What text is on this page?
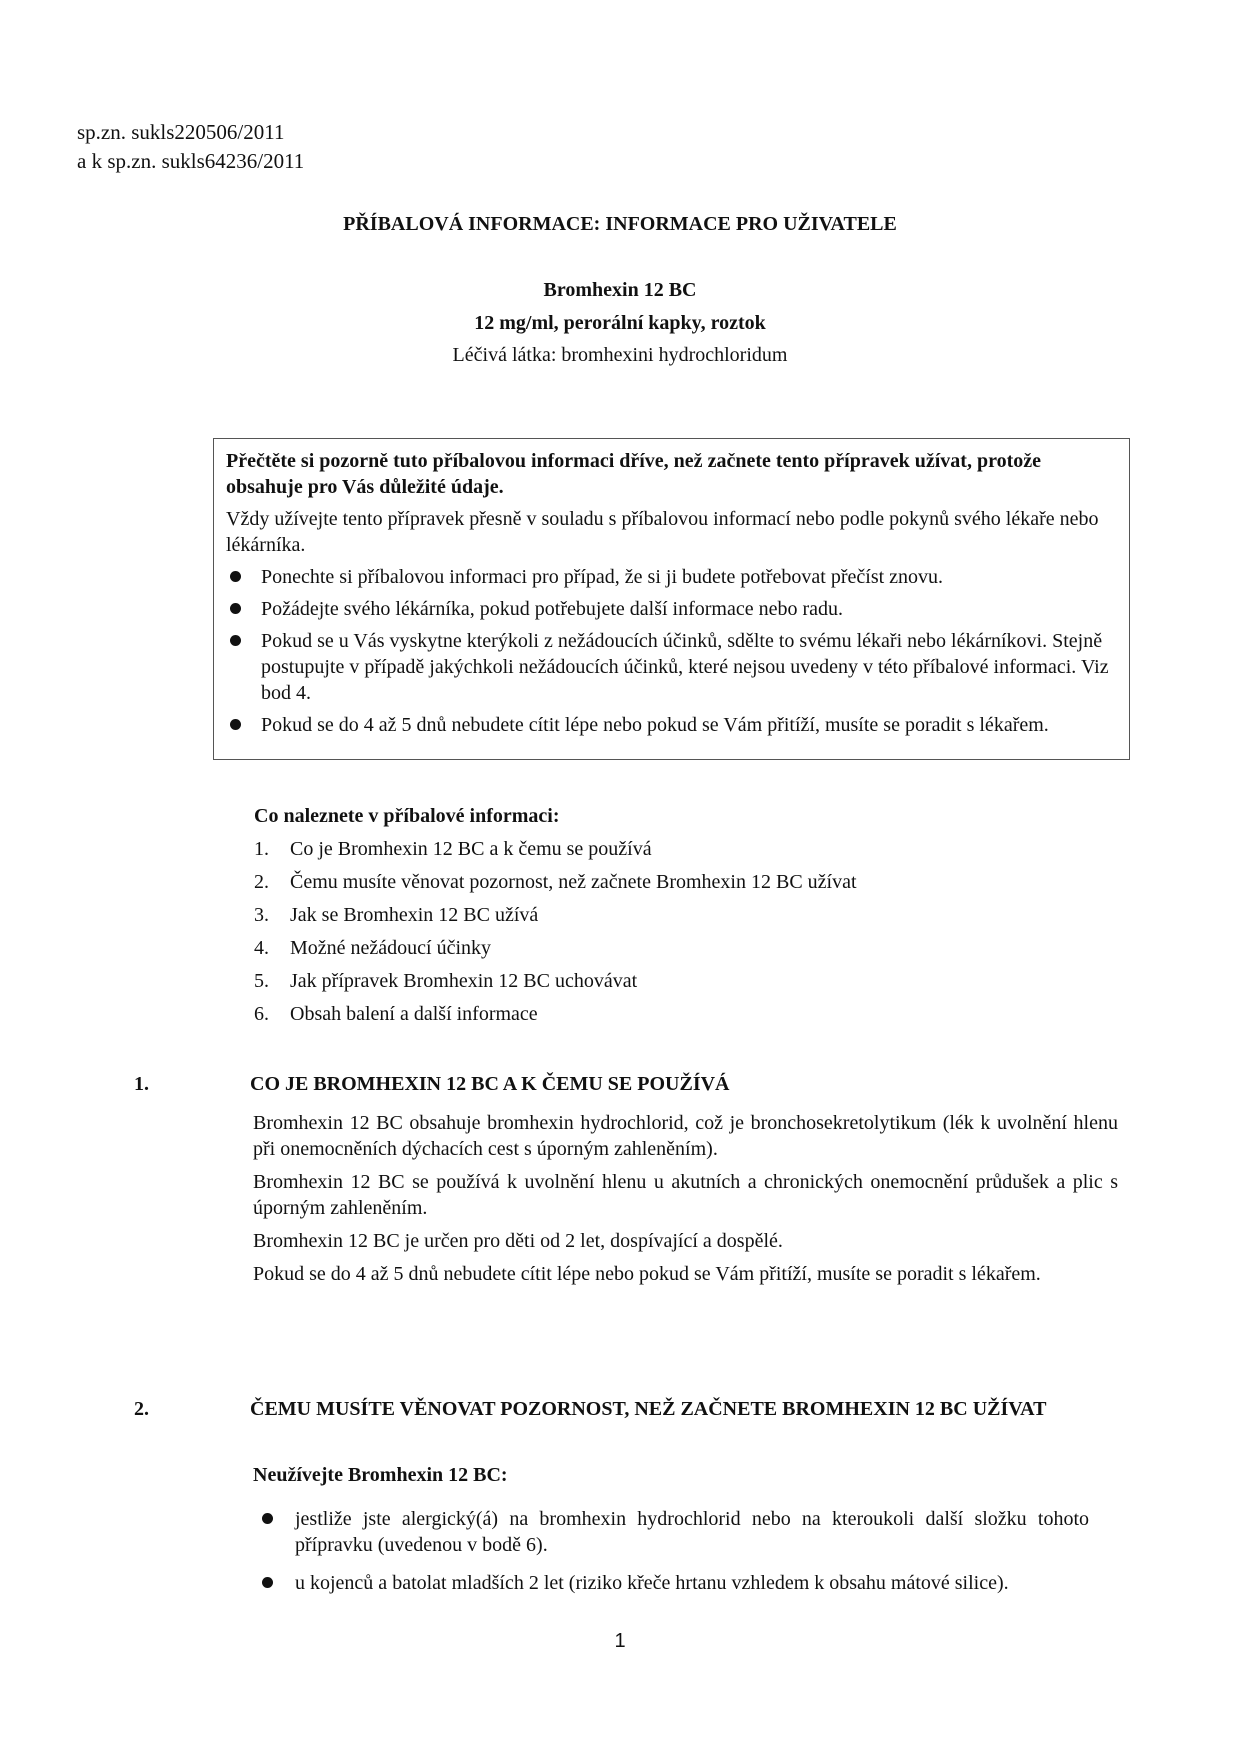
sp.zn. sukls220506/2011
a k sp.zn. sukls64236/2011
PŘÍBALOVÁ INFORMACE: INFORMACE PRO UŽIVATELE
Bromhexin 12 BC
12 mg/ml, perorální kapky, roztok
Léčivá látka: bromhexini hydrochloridum

Přečtěte si pozorně tuto příbalovou informaci dříve, než začnete tento přípravek užívat, protože obsahuje pro Vás důležité údaje.

Vždy užívejte tento přípravek přesně v souladu s příbalovou informací nebo podle pokynů svého lékaře nebo lékárníka.

Ponechte si příbalovou informaci pro případ, že si ji budete potřebovat přečíst znovu.
Požádejte svého lékárníka, pokud potřebujete další informace nebo radu.
Pokud se u Vás vyskytne kterýkoli z nežádoucích účinků, sdělte to svému lékaři nebo lékárníkovi. Stejně postupujte v případě jakýchkoli nežádoucích účinků, které nejsou uvedeny v této příbalové informaci. Viz bod 4.
Pokud se do 4 až 5 dnů nebudete cítit lépe nebo pokud se Vám přitíží, musíte se poradit s lékařem.
Co naleznete v příbalové informaci:
1. Co je Bromhexin 12 BC a k čemu se používá
2. Čemu musíte věnovat pozornost, než začnete Bromhexin 12 BC užívat
3. Jak se Bromhexin 12 BC užívá
4. Možné nežádoucí účinky
5. Jak přípravek Bromhexin 12 BC uchovávat
6. Obsah balení a další informace
1.	CO JE BROMHEXIN 12 BC A K ČEMU SE POUŽÍVÁ

Bromhexin 12 BC obsahuje bromhexin hydrochlorid, což je bronchosekretolytikum (lék k uvolnění hlenu při onemocněních dýchacích cest s úporným zahleněním).

Bromhexin 12 BC se používá k uvolnění hlenu u akutních a chronických onemocnění průdušek a plic s úporným zahleněním.

Bromhexin 12 BC je určen pro děti od 2 let, dospívající a dospělé.

Pokud se do 4 až 5 dnů nebudete cítit lépe nebo pokud se Vám přitíží, musíte se poradit s lékařem.

2.	ČEMU MUSÍTE VĚNOVAT POZORNOST, NEŽ ZAČNETE BROMHEXIN 12 BC UŽÍVAT
Neužívejte Bromhexin 12 BC:
jestliže jste alergický(á) na bromhexin hydrochlorid nebo na kteroukoli další složku tohoto přípravku (uvedenou v bodě 6).
u kojenců a batolat mladších 2 let (riziko křeče hrtanu vzhledem k obsahu mátové silice).
1
